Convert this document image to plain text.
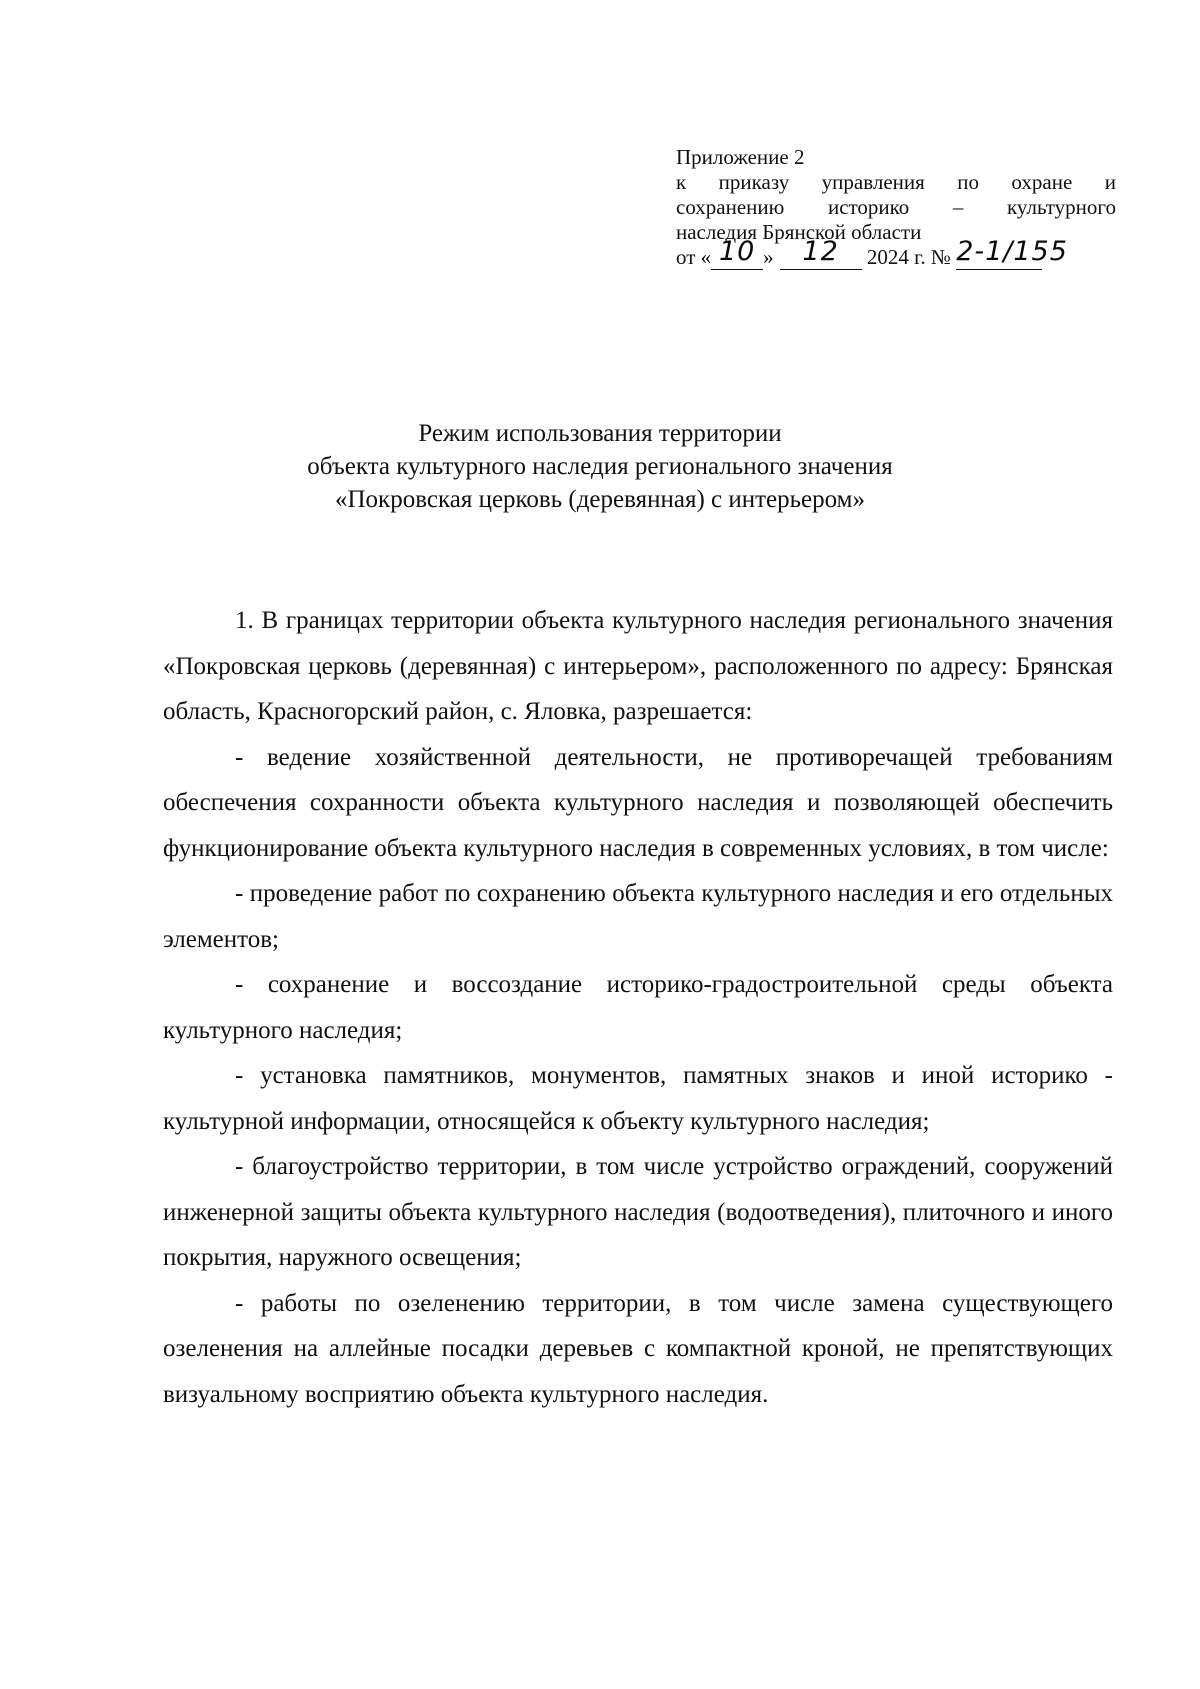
Приложение 2
к приказу управления по охране и
сохранению историко – культурного
наследия Брянской области
от « 10 » 12 2024 г. № 2-1/155
Режим использования территории
объекта культурного наследия регионального значения
«Покровская церковь (деревянная) с интерьером»

1. В границах территории объекта культурного наследия регионального значения «Покровская церковь (деревянная) с интерьером», расположенного по адресу: Брянская область, Красногорский район, с. Яловка, разрешается:

- ведение хозяйственной деятельности, не противоречащей требованиям обеспечения сохранности объекта культурного наследия и позволяющей обеспечить функционирование объекта культурного наследия в современных условиях, в том числе:

- проведение работ по сохранению объекта культурного наследия и его отдельных элементов;

- сохранение и воссоздание историко-градостроительной среды объекта культурного наследия;

- установка памятников, монументов, памятных знаков и иной историко - культурной информации, относящейся к объекту культурного наследия;

- благоустройство территории, в том числе устройство ограждений, сооружений инженерной защиты объекта культурного наследия (водоотведения), плиточного и иного покрытия, наружного освещения;

- работы по озеленению территории, в том числе замена существующего озеленения на аллейные посадки деревьев с компактной кроной, не препятствующих визуальному восприятию объекта культурного наследия.
